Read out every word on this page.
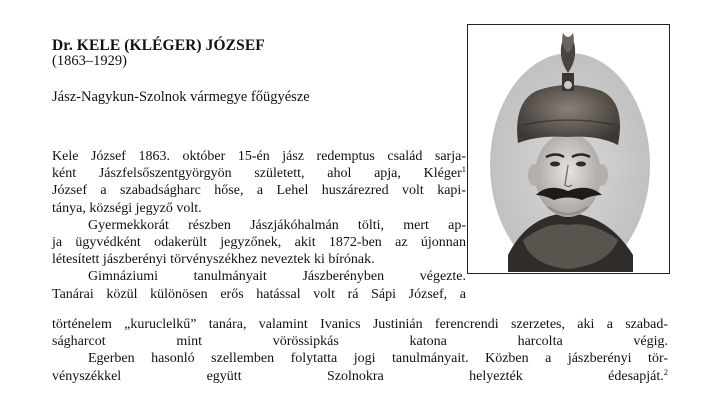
Dr. KELE (KLÉGER) JÓZSEF
(1863–1929)
Jász-Nagykun-Szolnok vármegye főügyésze

Kele József 1863. október 15-én jász redemptus család sarja-
ként Jászfelsőszentgyörgyön született, ahol apja, Kléger$^1$
József a szabadságharc hőse, a Lehel huszárezred volt kapi-
tánya, községi jegyző volt.

Gyermekkorát részben Jászjákóhalmán tölti, mert ap-
ja ügyvédként odakerült jegyzőnek, akit 1872-ben az újonnan
létesített jászberényi törvényszékhez neveztek ki bírónak.

Gimnáziumi tanulmányait Jászberényben végezte.
Tanárai közül különösen erős hatással volt rá Sápi József, a

történelem „kuruclelkű” tanára, valamint Ivanics Justinián ferencrendi szerzetes, aki a szabad-
ságharcot mint vörössipkás katona harcolta végig.
Egerben hasonló szellemben folytatta jogi tanulmányait. Közben a jászberényi tör-
vényszékkel együtt Szolnokra helyezték édesapját.$^2$
